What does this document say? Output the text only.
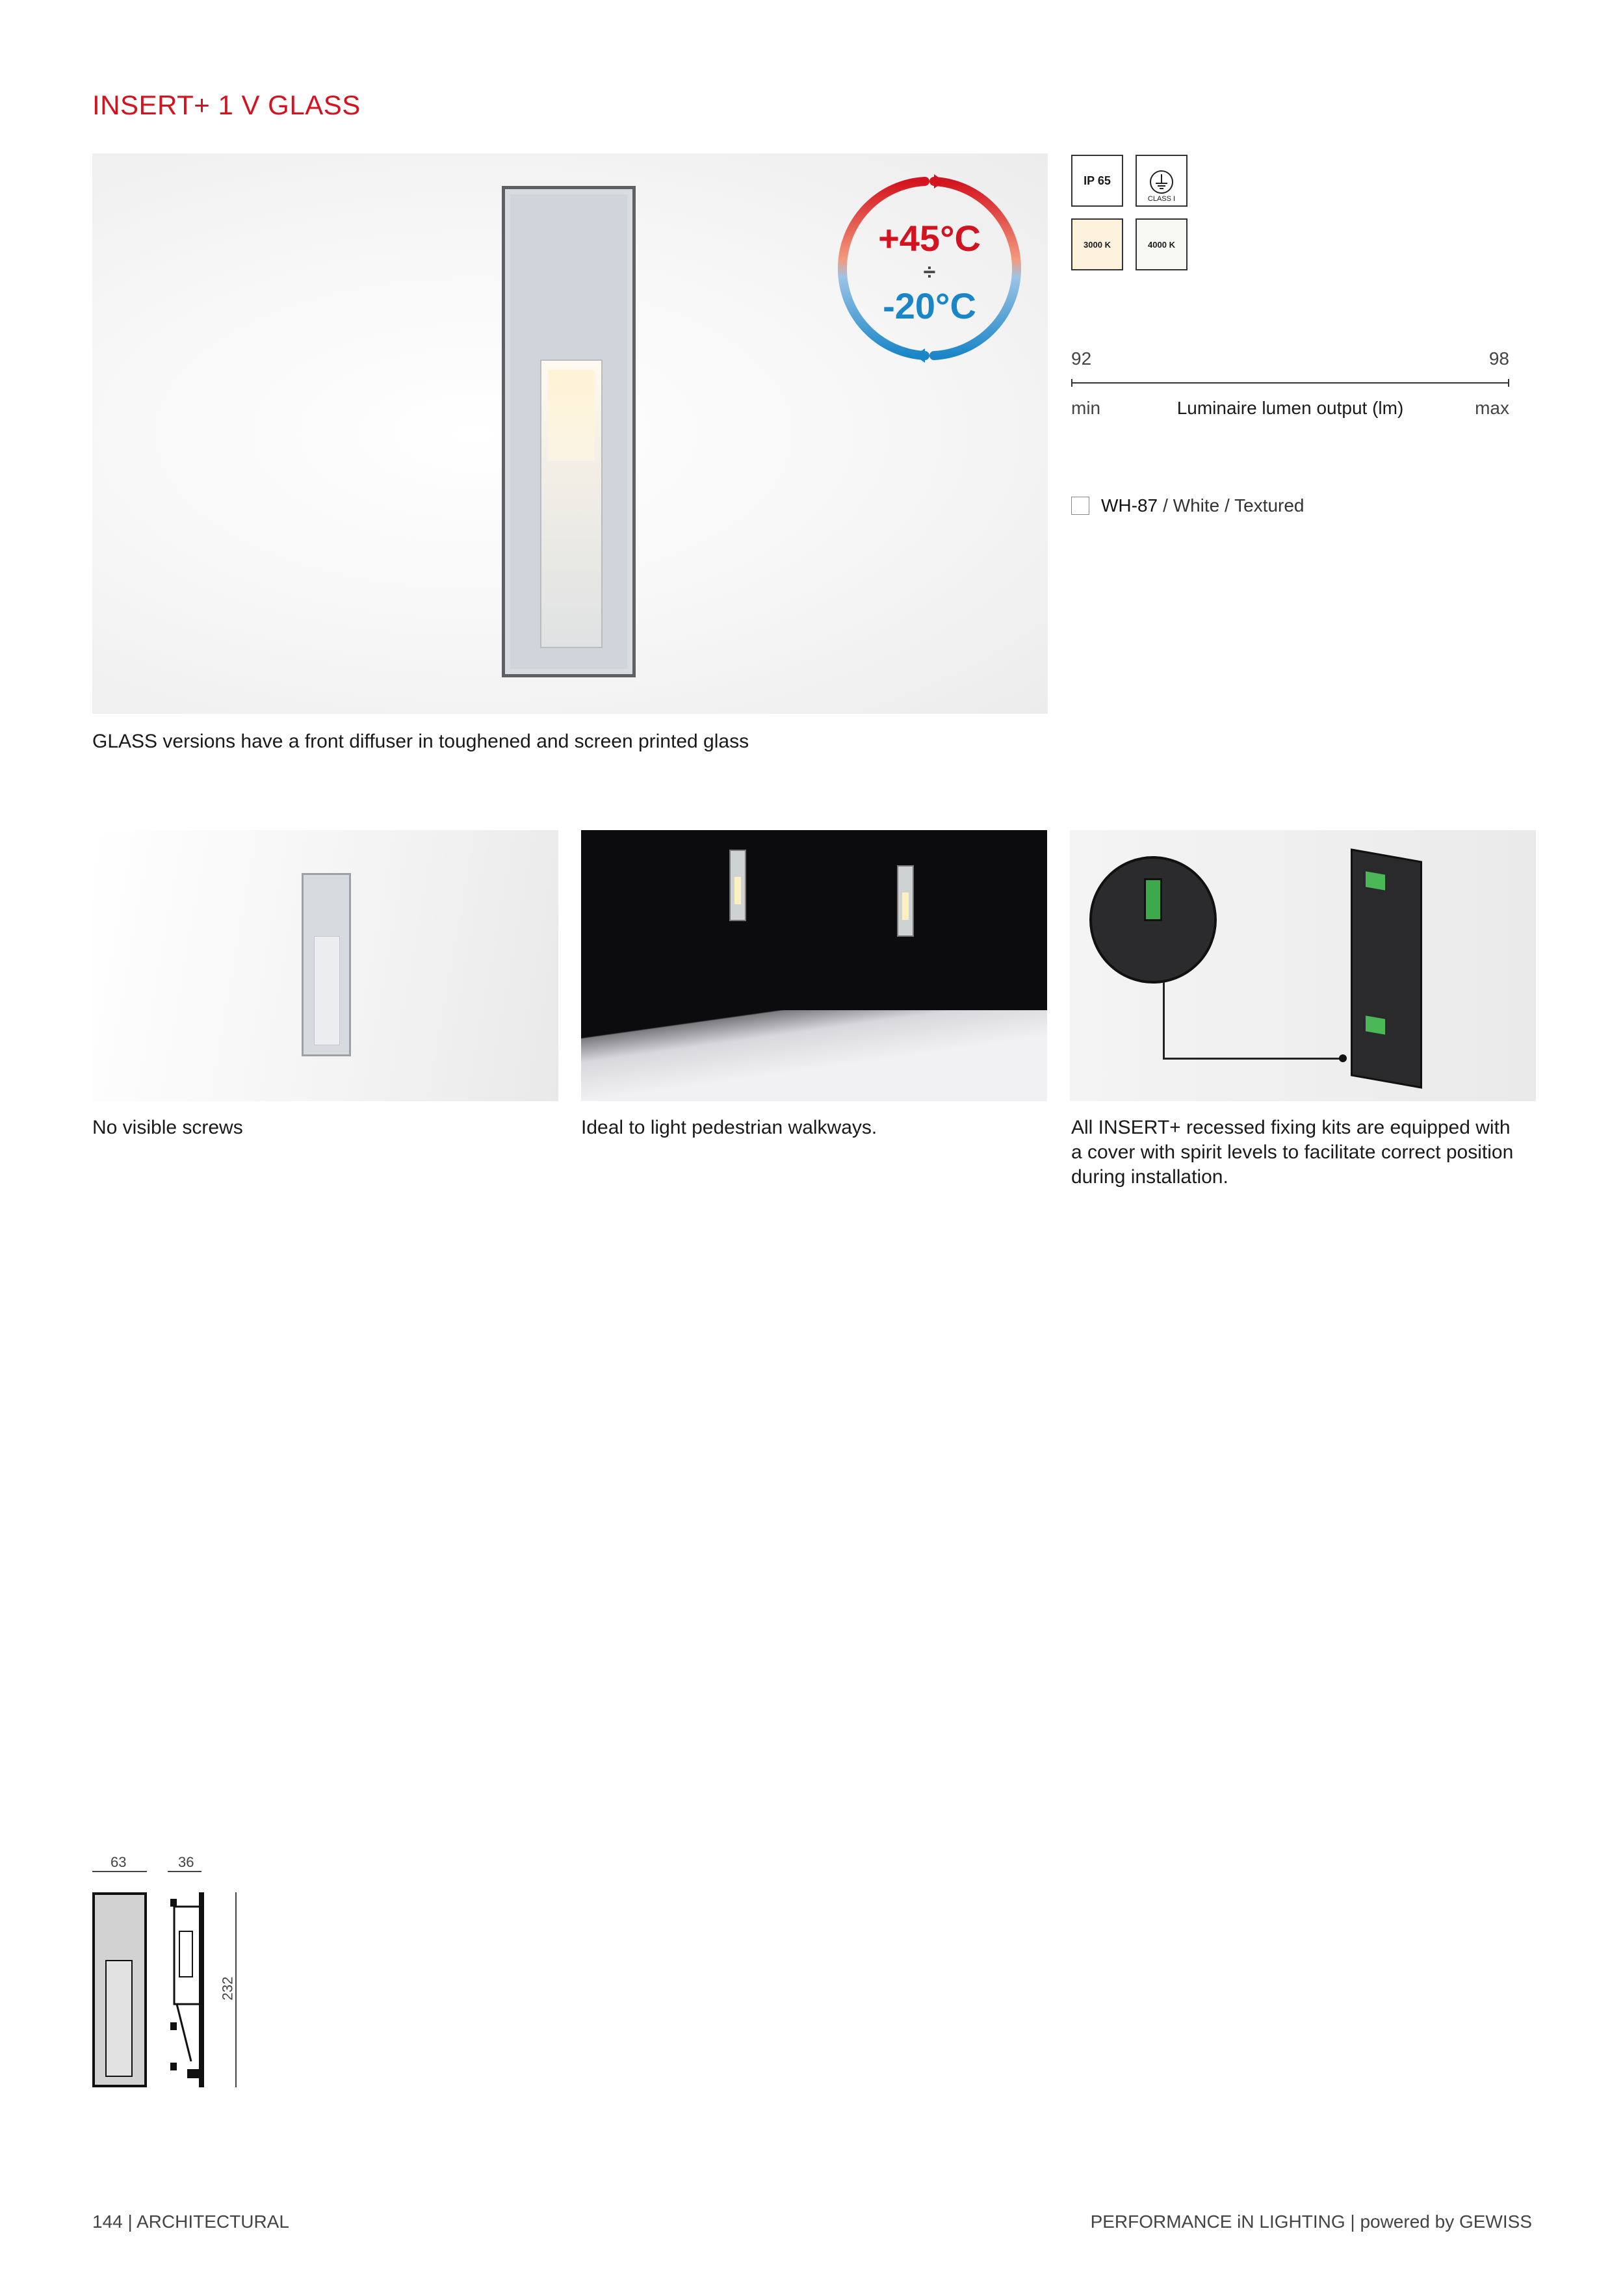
INSERT+ 1 V GLASS
+45°C
÷
-20°C
IP 65
CLASS I
3000 K	4000 K
92	98
min	Luminaire lumen output (lm)	max
WH-87 / White / Textured
GLASS versions have a front diffuser in toughened and screen printed glass
No visible screws	Ideal to light pedestrian walkways.	All INSERT+ recessed fixing kits are equipped with a cover with spirit levels to facilitate correct position during installation.
63	36
232
144 | ARCHITECTURAL	PERFORMANCE iN LIGHTING | powered by GEWISS
